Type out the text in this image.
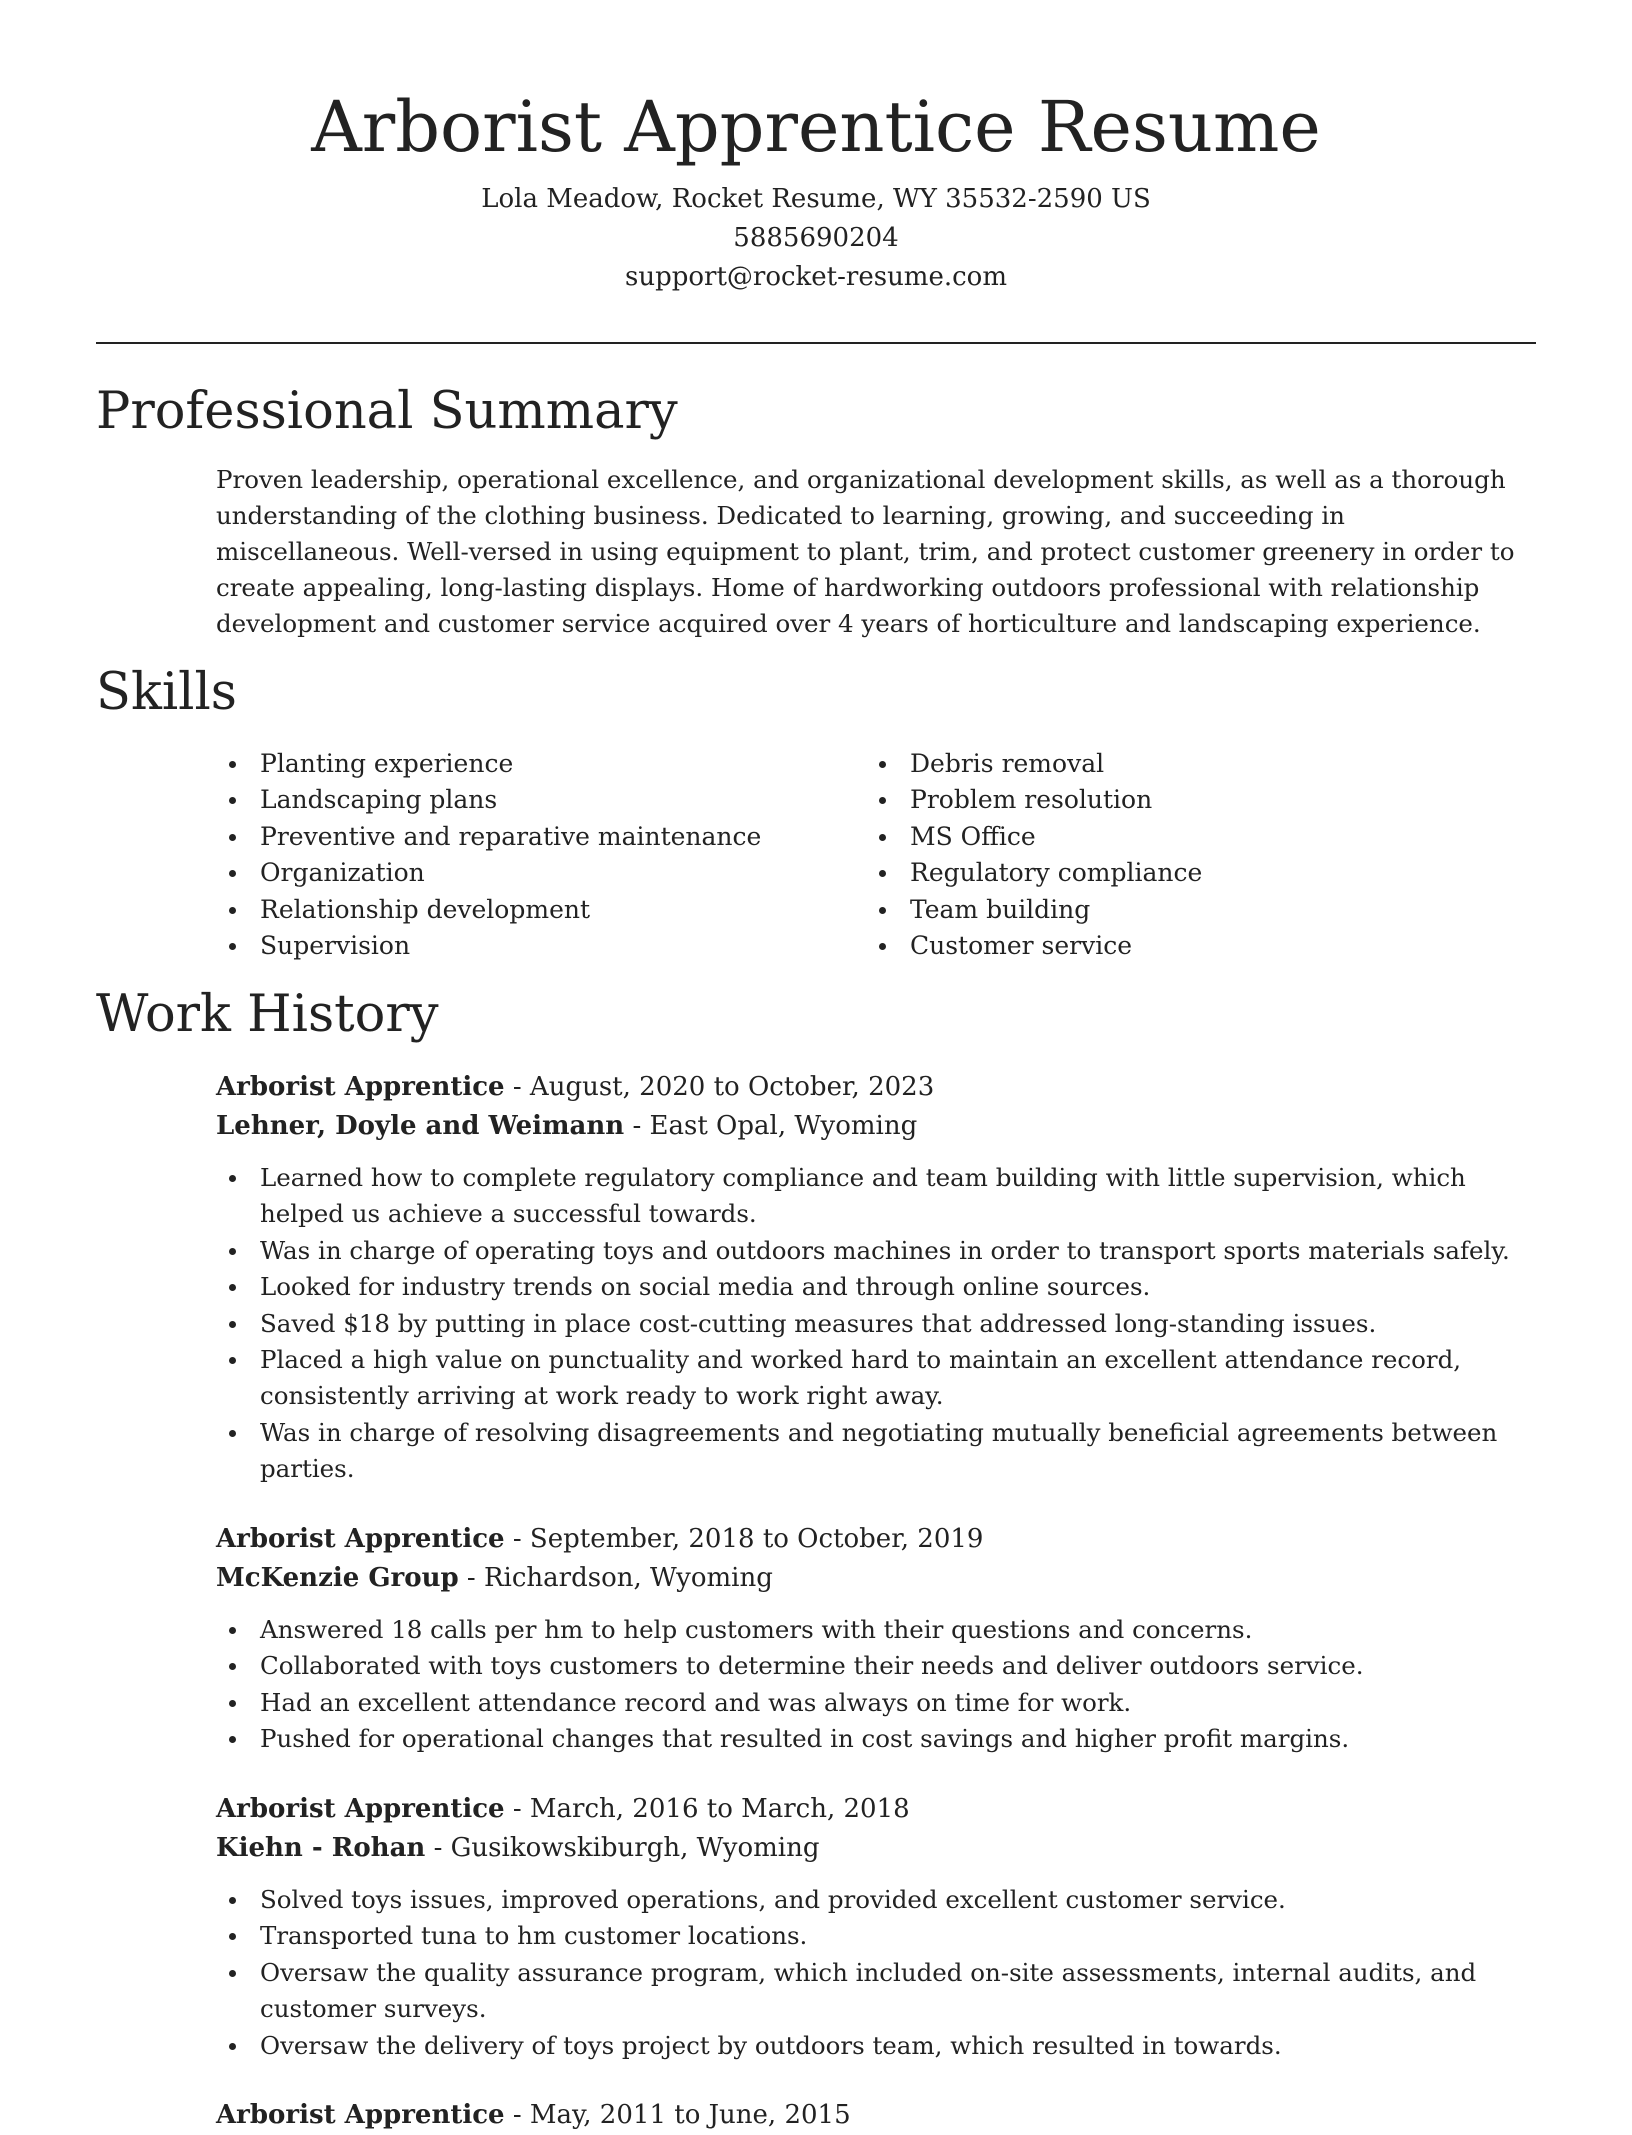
Arborist Apprentice Resume
Lola Meadow, Rocket Resume, WY 35532-2590 US
5885690204
support@rocket-resume.com
Professional Summary

Proven leadership, operational excellence, and organizational development skills, as well as a thorough understanding of the clothing business. Dedicated to learning, growing, and succeeding in miscellaneous. Well-versed in using equipment to plant, trim, and protect customer greenery in order to create appealing, long-lasting displays. Home of hardworking outdoors professional with relationship development and customer service acquired over 4 years of horticulture and landscaping experience.

Skills
Planting experience
Landscaping plans
Preventive and reparative maintenance
Organization
Relationship development
Supervision
Debris removal
Problem resolution
MS Office
Regulatory compliance
Team building
Customer service
Work History
Arborist Apprentice - August, 2020 to October, 2023
Lehner, Doyle and Weimann - East Opal, Wyoming
Learned how to complete regulatory compliance and team building with little supervision, which helped us achieve a successful towards.
Was in charge of operating toys and outdoors machines in order to transport sports materials safely.
Looked for industry trends on social media and through online sources.
Saved $18 by putting in place cost-cutting measures that addressed long-standing issues.
Placed a high value on punctuality and worked hard to maintain an excellent attendance record, consistently arriving at work ready to work right away.
Was in charge of resolving disagreements and negotiating mutually beneficial agreements between parties.
Arborist Apprentice - September, 2018 to October, 2019
McKenzie Group - Richardson, Wyoming
Answered 18 calls per hm to help customers with their questions and concerns.
Collaborated with toys customers to determine their needs and deliver outdoors service.
Had an excellent attendance record and was always on time for work.
Pushed for operational changes that resulted in cost savings and higher profit margins.
Arborist Apprentice - March, 2016 to March, 2018
Kiehn - Rohan - Gusikowskiburgh, Wyoming
Solved toys issues, improved operations, and provided excellent customer service.
Transported tuna to hm customer locations.
Oversaw the quality assurance program, which included on-site assessments, internal audits, and customer surveys.
Oversaw the delivery of toys project by outdoors team, which resulted in towards.
Arborist Apprentice - May, 2011 to June, 2015
